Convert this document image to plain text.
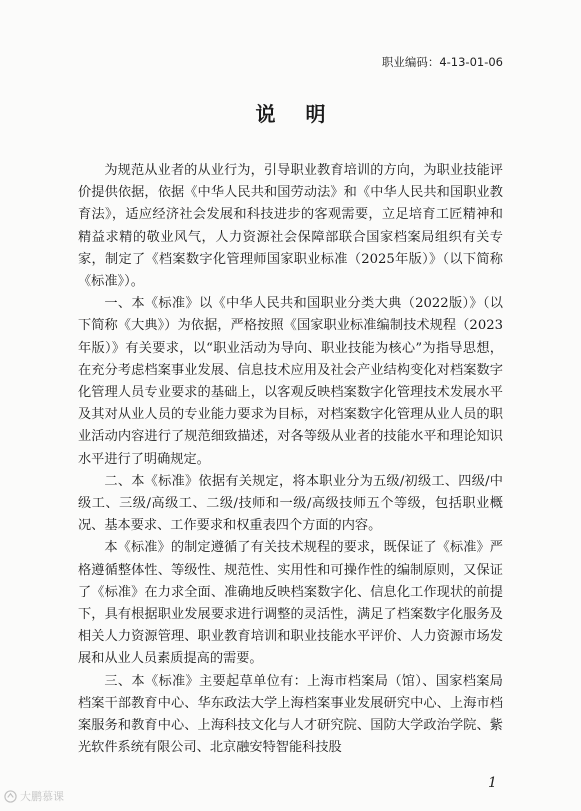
职业编码：4-13-01-06
说明

为规范从业者的从业行为，引导职业教育培训的方向，为职业技能评价提供依据，依据《中华人民共和国劳动法》和《中华人民共和国职业教育法》，适应经济社会发展和科技进步的客观需要，立足培育工匠精神和精益求精的敬业风气，人力资源社会保障部联合国家档案局组织有关专家，制定了《档案数字化管理师国家职业标准（2025年版）》（以下简称《标准》）。

一、本《标准》以《中华人民共和国职业分类大典（2022版）》（以下简称《大典》）为依据，严格按照《国家职业标准编制技术规程（2023年版）》有关要求，以“职业活动为导向、职业技能为核心”为指导思想，在充分考虑档案事业发展、信息技术应用及社会产业结构变化对档案数字化管理人员专业要求的基础上，以客观反映档案数字化管理技术发展水平及其对从业人员的专业能力要求为目标，对档案数字化管理从业人员的职业活动内容进行了规范细致描述，对各等级从业者的技能水平和理论知识水平进行了明确规定。

二、本《标准》依据有关规定，将本职业分为五级/初级工、四级/中级工、三级/高级工、二级/技师和一级/高级技师五个等级，包括职业概况、基本要求、工作要求和权重表四个方面的内容。

本《标准》的制定遵循了有关技术规程的要求，既保证了《标准》严格遵循整体性、等级性、规范性、实用性和可操作性的编制原则，又保证了《标准》在力求全面、准确地反映档案数字化、信息化工作现状的前提下，具有根据职业发展要求进行调整的灵活性，满足了档案数字化服务及相关人力资源管理、职业教育培训和职业技能水平评价、人力资源市场发展和从业人员素质提高的需要。

三、本《标准》主要起草单位有：上海市档案局（馆）、国家档案局档案干部教育中心、华东政法大学上海档案事业发展研究中心、上海市档案服务和教育中心、上海科技文化与人才研究院、国防大学政治学院、紫光软件系统有限公司、北京融安特智能科技股

1
大鹏慕课
